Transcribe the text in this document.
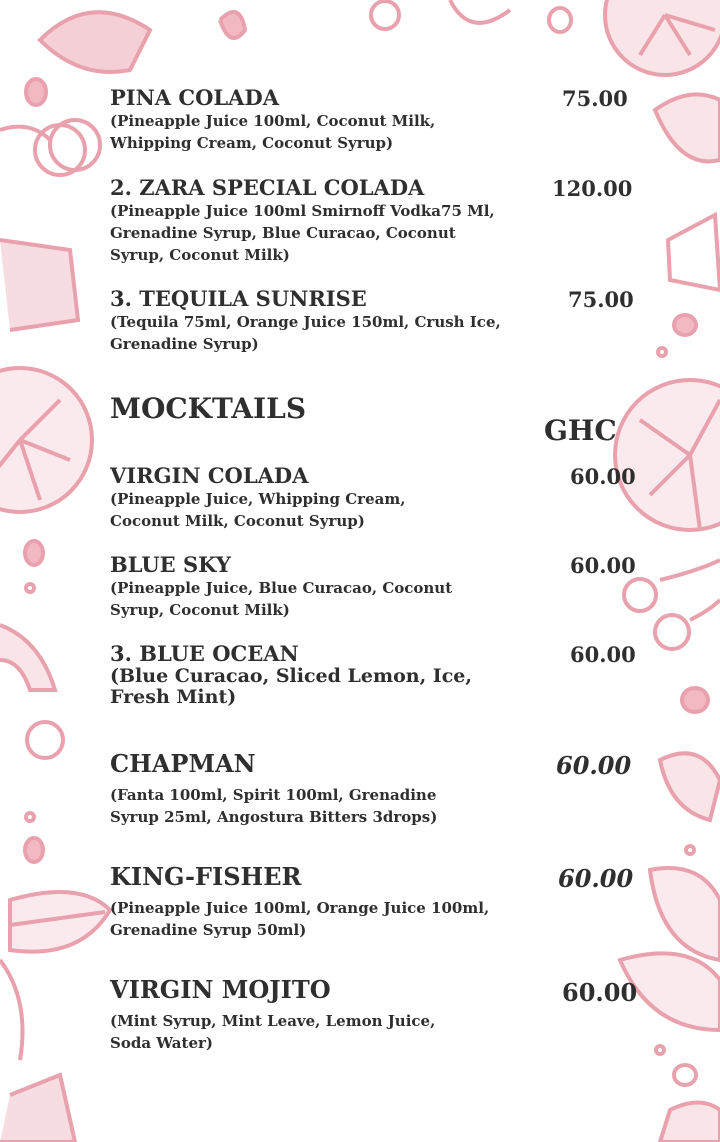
PINA COLADA
(Pineapple Juice 100ml, Coconut Milk,
Whipping Cream, Coconut Syrup)
75.00
2. ZARA SPECIAL COLADA
(Pineapple Juice 100ml Smirnoff Vodka75 Ml,
Grenadine Syrup, Blue Curacao, Coconut
Syrup, Coconut Milk)
120.00
3. TEQUILA SUNRISE
(Tequila 75ml, Orange Juice 150ml, Crush Ice,
Grenadine Syrup)
75.00
MOCKTAILS
GHC
VIRGIN COLADA
(Pineapple Juice, Whipping Cream,
Coconut Milk, Coconut Syrup)
60.00
BLUE SKY
(Pineapple Juice, Blue Curacao, Coconut
Syrup, Coconut Milk)
60.00
3. BLUE OCEAN
(Blue Curacao, Sliced Lemon, Ice,
Fresh Mint)
60.00
CHAPMAN
(Fanta 100ml, Spirit 100ml, Grenadine
Syrup 25ml, Angostura Bitters 3drops)
60.00
KING-FISHER
(Pineapple Juice 100ml, Orange Juice 100ml,
Grenadine Syrup 50ml)
60.00
VIRGIN MOJITO
(Mint Syrup, Mint Leave, Lemon Juice,
Soda Water)
60.00
